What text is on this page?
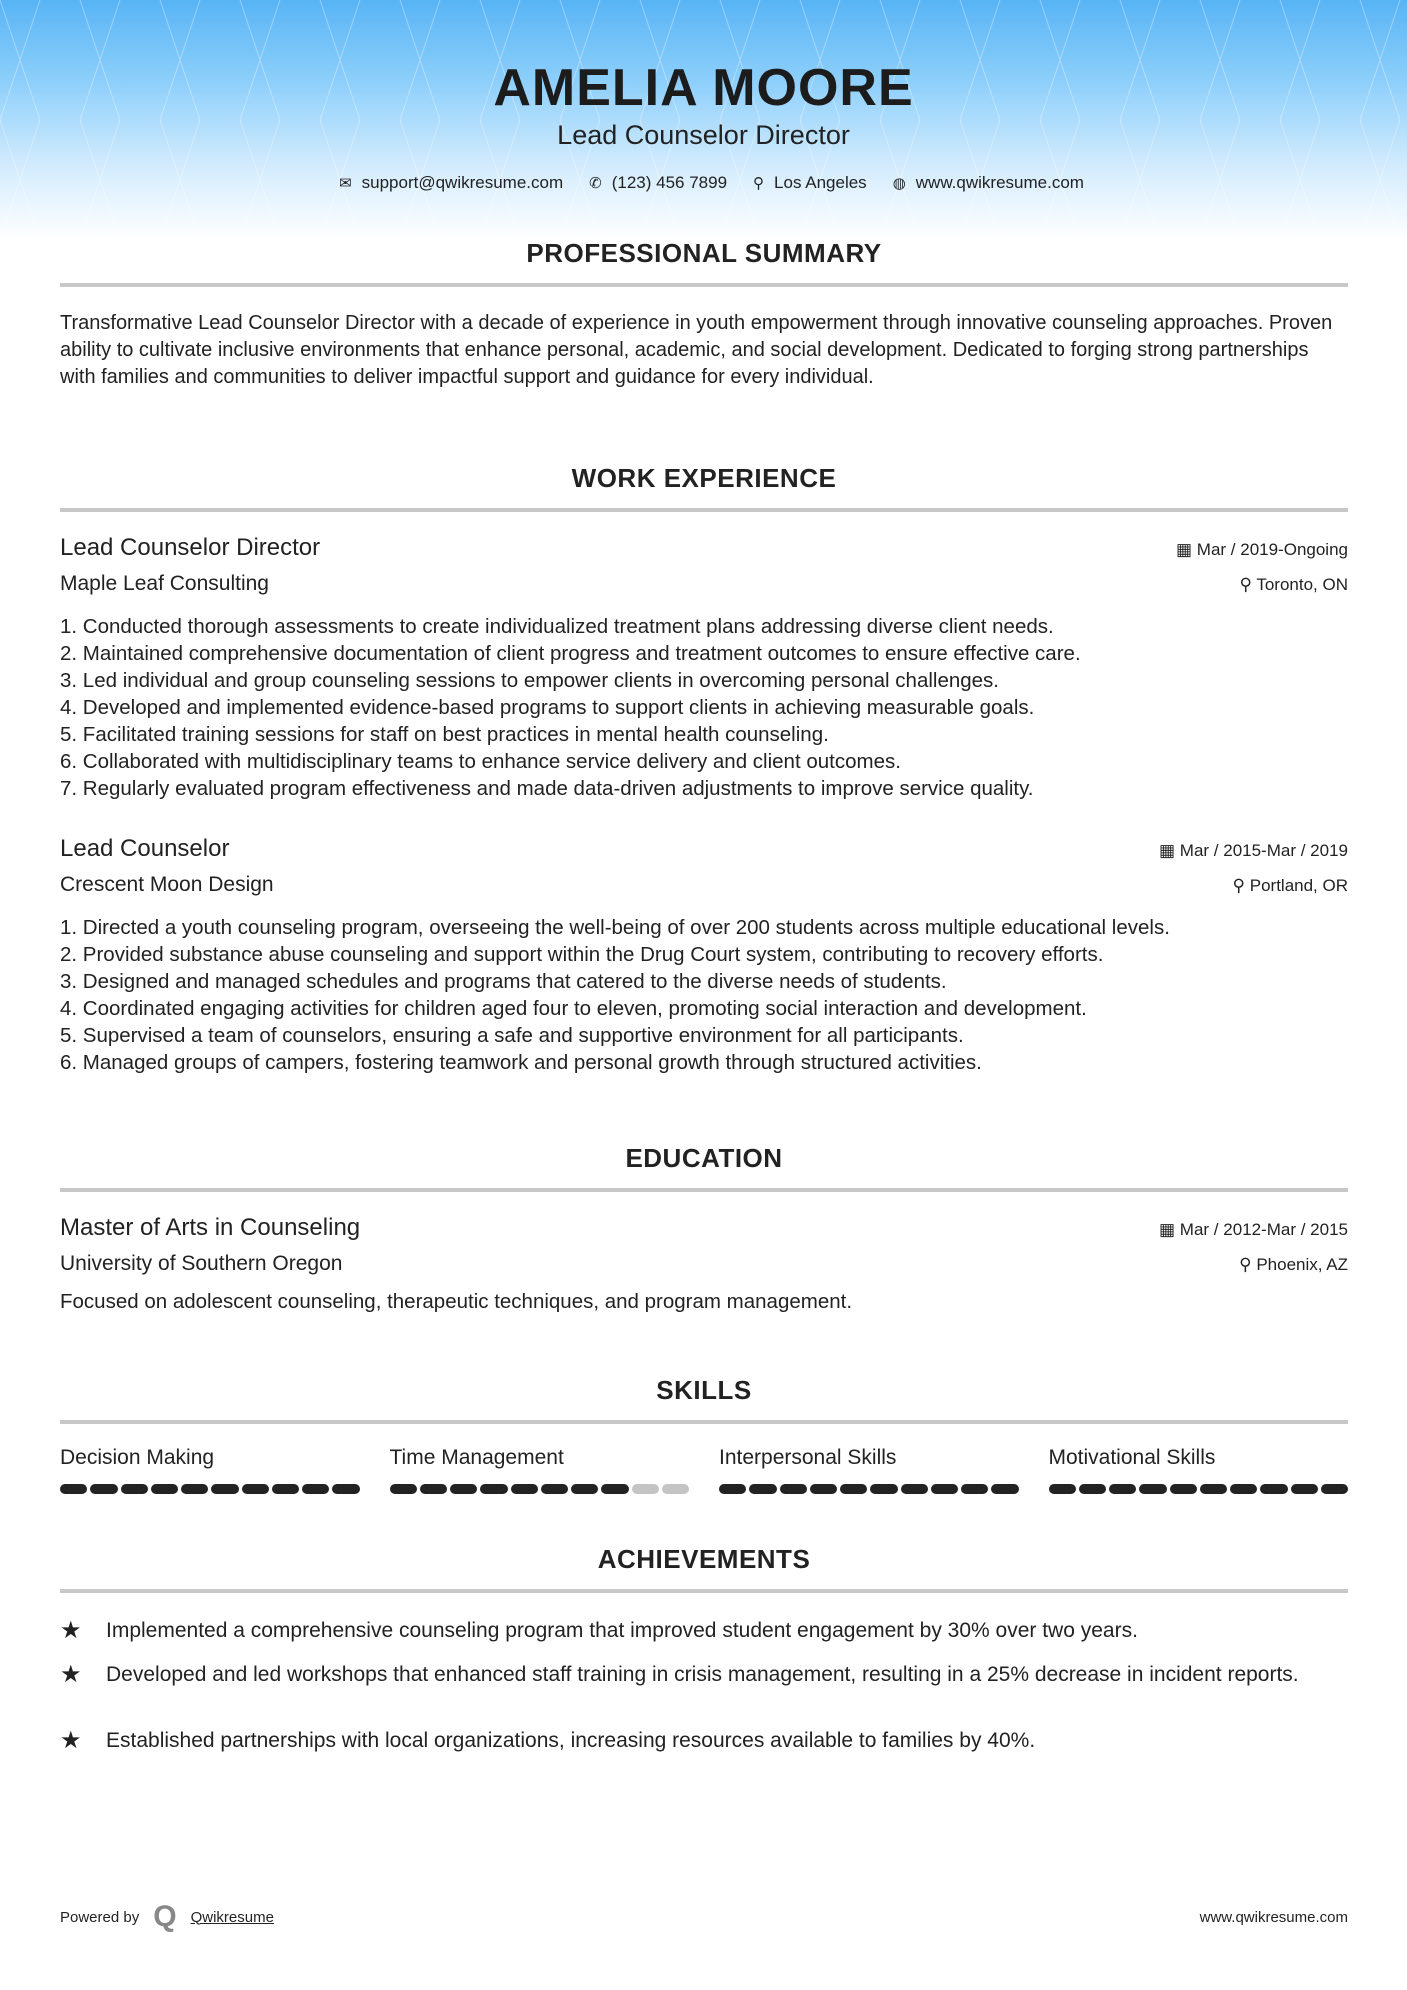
AMELIA MOORE
Lead Counselor Director
✉ support@qwikresume.com ✆ (123) 456 7899 ⚲ Los Angeles ◍ www.qwikresume.com
PROFESSIONAL SUMMARY
Transformative Lead Counselor Director with a decade of experience in youth empowerment through innovative counseling approaches. Proven ability to cultivate inclusive environments that enhance personal, academic, and social development. Dedicated to forging strong partnerships with families and communities to deliver impactful support and guidance for every individual.
WORK EXPERIENCE
Lead Counselor Director	▦ Mar / 2019-Ongoing
Maple Leaf Consulting	⚲ Toronto, ON
1. Conducted thorough assessments to create individualized treatment plans addressing diverse client needs.
2. Maintained comprehensive documentation of client progress and treatment outcomes to ensure effective care.
3. Led individual and group counseling sessions to empower clients in overcoming personal challenges.
4. Developed and implemented evidence-based programs to support clients in achieving measurable goals.
5. Facilitated training sessions for staff on best practices in mental health counseling.
6. Collaborated with multidisciplinary teams to enhance service delivery and client outcomes.
7. Regularly evaluated program effectiveness and made data-driven adjustments to improve service quality.
Lead Counselor	▦ Mar / 2015-Mar / 2019
Crescent Moon Design	⚲ Portland, OR
1. Directed a youth counseling program, overseeing the well-being of over 200 students across multiple educational levels.
2. Provided substance abuse counseling and support within the Drug Court system, contributing to recovery efforts.
3. Designed and managed schedules and programs that catered to the diverse needs of students.
4. Coordinated engaging activities for children aged four to eleven, promoting social interaction and development.
5. Supervised a team of counselors, ensuring a safe and supportive environment for all participants.
6. Managed groups of campers, fostering teamwork and personal growth through structured activities.
EDUCATION
Master of Arts in Counseling	▦ Mar / 2012-Mar / 2015
University of Southern Oregon	⚲ Phoenix, AZ
Focused on adolescent counseling, therapeutic techniques, and program management.
SKILLS
Decision Making	Time Management	Interpersonal Skills	Motivational Skills
ACHIEVEMENTS
★	Implemented a comprehensive counseling program that improved student engagement by 30% over two years.
★	Developed and led workshops that enhanced staff training in crisis management, resulting in a 25% decrease in incident reports.
★	Established partnerships with local organizations, increasing resources available to families by 40%.
Powered by Q Qwikresume	www.qwikresume.com
